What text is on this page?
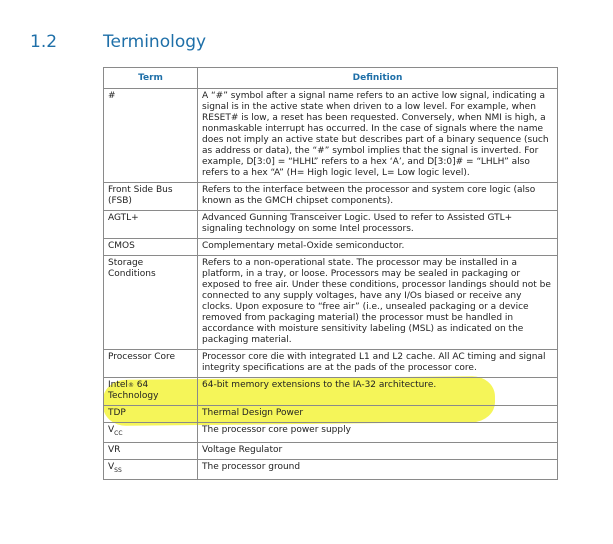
1.2	Terminology
Term	Definition
#	A “#” symbol after a signal name refers to an active low signal, indicating a signal is in the active state when driven to a low level. For example, when RESET# is low, a reset has been requested. Conversely, when NMI is high, a nonmaskable interrupt has occurred. In the case of signals where the name does not imply an active state but describes part of a binary sequence (such as address or data), the “#” symbol implies that the signal is inverted. For example, D[3:0] = “HLHL” refers to a hex ‘A’, and D[3:0]# = “LHLH” also refers to a hex “A” (H= High logic level, L= Low logic level).
Front Side Bus (FSB)	Refers to the interface between the processor and system core logic (also known as the GMCH chipset components).
AGTL+	Advanced Gunning Transceiver Logic. Used to refer to Assisted GTL+ signaling technology on some Intel processors.
CMOS	Complementary metal-Oxide semiconductor.
Storage Conditions	Refers to a non-operational state. The processor may be installed in a platform, in a tray, or loose. Processors may be sealed in packaging or exposed to free air. Under these conditions, processor landings should not be connected to any supply voltages, have any I/Os biased or receive any clocks. Upon exposure to “free air” (i.e., unsealed packaging or a device removed from packaging material) the processor must be handled in accordance with moisture sensitivity labeling (MSL) as indicated on the packaging material.
Processor Core	Processor core die with integrated L1 and L2 cache. All AC timing and signal integrity specifications are at the pads of the processor core.
Intel® 64 Technology	64-bit memory extensions to the IA-32 architecture.
TDP	Thermal Design Power
$V_{CC}$	The processor core power supply
VR	Voltage Regulator
$V_{SS}$	The processor ground
